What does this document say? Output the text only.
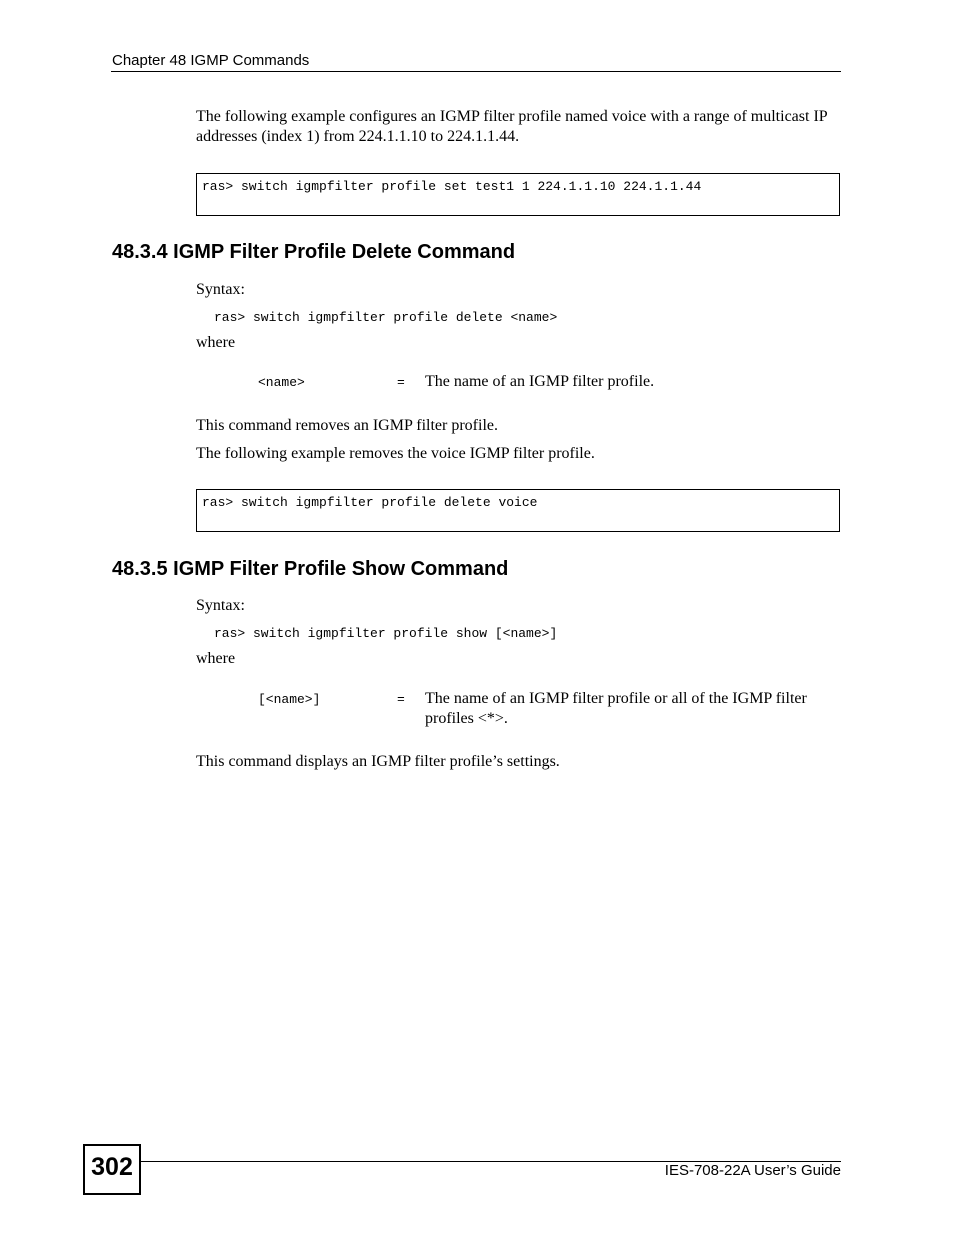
Chapter 48 IGMP Commands
The following example configures an IGMP filter profile named voice with a range of multicast IP addresses (index 1) from 224.1.1.10 to 224.1.1.44.
ras> switch igmpfilter profile set test1 1 224.1.1.10 224.1.1.44
48.3.4 IGMP Filter Profile Delete Command
Syntax:
ras> switch igmpfilter profile delete <name>
where
<name>	= The name of an IGMP filter profile.
This command removes an IGMP filter profile.
The following example removes the voice IGMP filter profile.
ras> switch igmpfilter profile delete voice
48.3.5 IGMP Filter Profile Show Command
Syntax:
ras> switch igmpfilter profile show [<name>]
where
[<name>]	= The name of an IGMP filter profile or all of the IGMP filter profiles <*>.
This command displays an IGMP filter profile’s settings.
302	IES-708-22A User’s Guide
